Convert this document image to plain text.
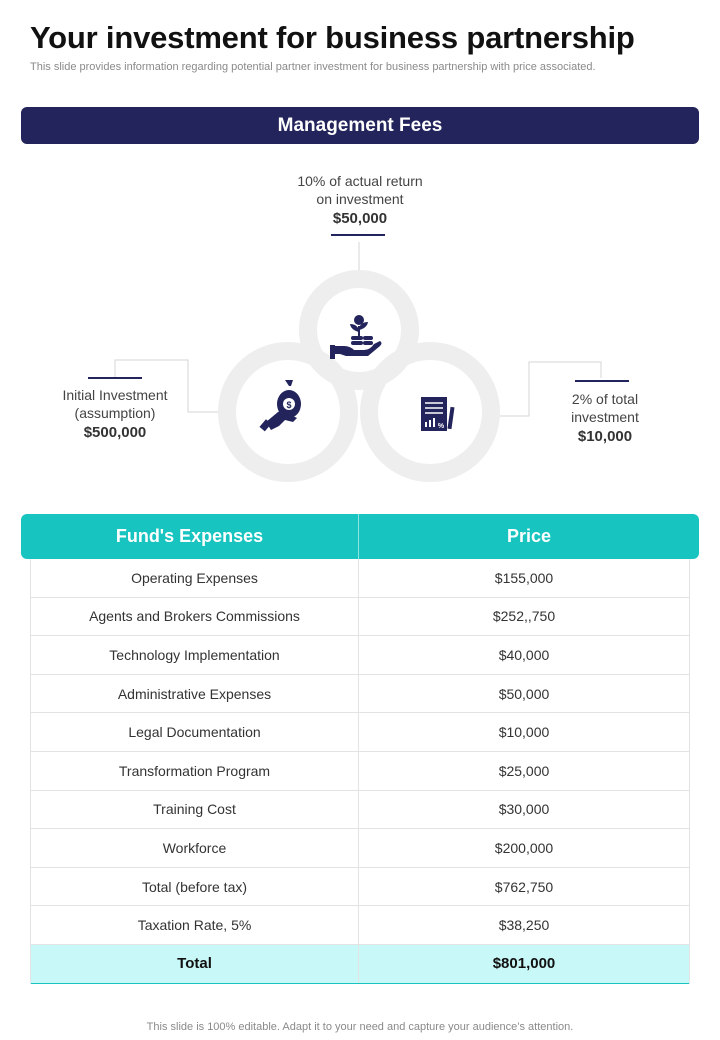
Your investment for business partnership
This slide provides information regarding potential partner investment for business partnership with price associated.
Management Fees
$
%
10% of actual return
on investment
$50,000
Initial Investment
(assumption)
$500,000
2% of total
investment
$10,000
Fund's Expenses	Price
Operating Expenses	$155,000
Agents and Brokers Commissions	$252,,750
Technology Implementation	$40,000
Administrative Expenses	$50,000
Legal Documentation	$10,000
Transformation Program	$25,000
Training Cost	$30,000
Workforce	$200,000
Total (before tax)	$762,750
Taxation Rate, 5%	$38,250
Total	$801,000
This slide is 100% editable. Adapt it to your need and capture your audience’s attention.
